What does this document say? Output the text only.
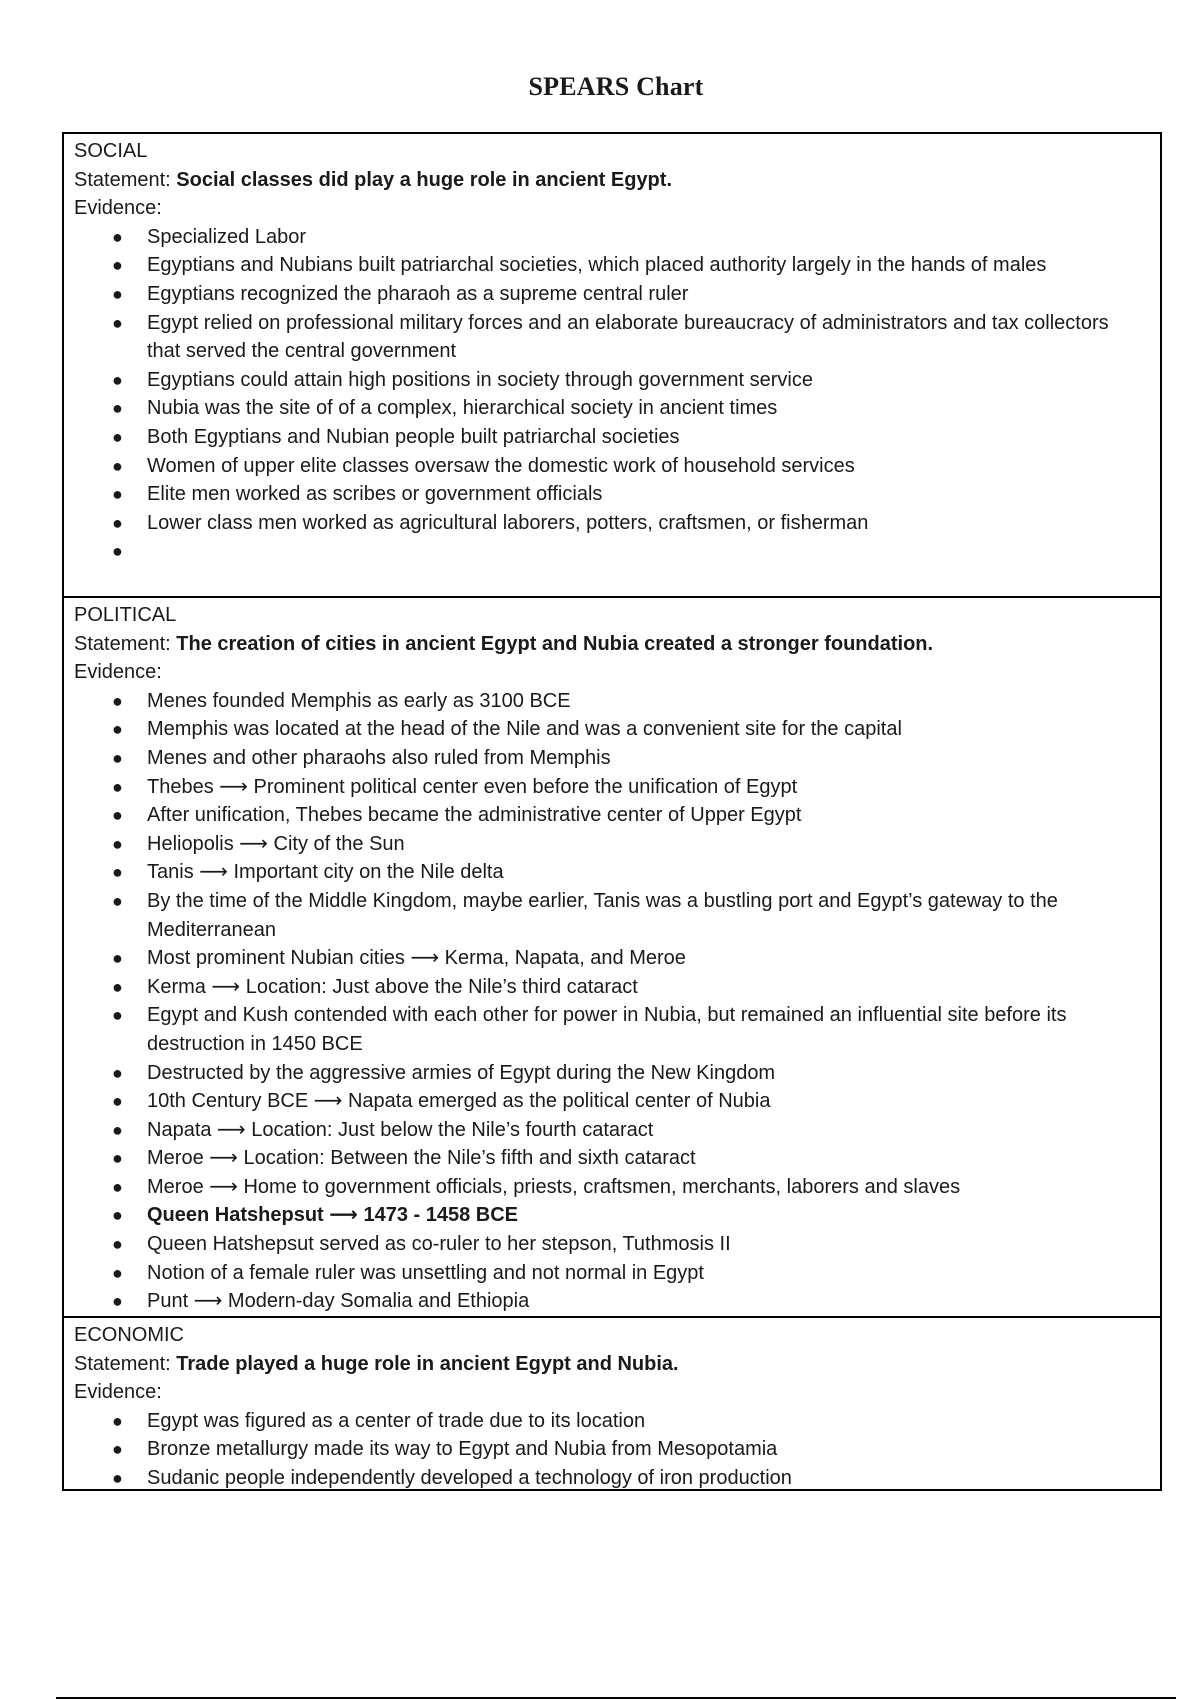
SPEARS Chart
SOCIAL
Statement: Social classes did play a huge role in ancient Egypt.
Evidence:
● Specialized Labor
● Egyptians and Nubians built patriarchal societies, which placed authority largely in the hands of males
● Egyptians recognized the pharaoh as a supreme central ruler
● Egypt relied on professional military forces and an elaborate bureaucracy of administrators and tax collectors that served the central government
● Egyptians could attain high positions in society through government service
● Nubia was the site of of a complex, hierarchical society in ancient times
● Both Egyptians and Nubian people built patriarchal societies
● Women of upper elite classes oversaw the domestic work of household services
● Elite men worked as scribes or government officials
● Lower class men worked as agricultural laborers, potters, craftsmen, or fisherman
●

POLITICAL
Statement: The creation of cities in ancient Egypt and Nubia created a stronger foundation.
Evidence:
● Menes founded Memphis as early as 3100 BCE
● Memphis was located at the head of the Nile and was a convenient site for the capital
● Menes and other pharaohs also ruled from Memphis
● Thebes ⟶ Prominent political center even before the unification of Egypt
● After unification, Thebes became the administrative center of Upper Egypt
● Heliopolis ⟶ City of the Sun
● Tanis ⟶ Important city on the Nile delta
● By the time of the Middle Kingdom, maybe earlier, Tanis was a bustling port and Egypt’s gateway to the Mediterranean
● Most prominent Nubian cities ⟶ Kerma, Napata, and Meroe
● Kerma ⟶ Location: Just above the Nile’s third cataract
● Egypt and Kush contended with each other for power in Nubia, but remained an influential site before its destruction in 1450 BCE
● Destructed by the aggressive armies of Egypt during the New Kingdom
● 10th Century BCE ⟶ Napata emerged as the political center of Nubia
● Napata ⟶ Location: Just below the Nile’s fourth cataract
● Meroe ⟶ Location: Between the Nile’s fifth and sixth cataract
● Meroe ⟶ Home to government officials, priests, craftsmen, merchants, laborers and slaves
● Queen Hatshepsut ⟶ 1473 - 1458 BCE
● Queen Hatshepsut served as co-ruler to her stepson, Tuthmosis II
● Notion of a female ruler was unsettling and not normal in Egypt
● Punt ⟶ Modern-day Somalia and Ethiopia
ECONOMIC
Statement: Trade played a huge role in ancient Egypt and Nubia.
Evidence:
● Egypt was figured as a center of trade due to its location
● Bronze metallurgy made its way to Egypt and Nubia from Mesopotamia
● Sudanic people independently developed a technology of iron production
